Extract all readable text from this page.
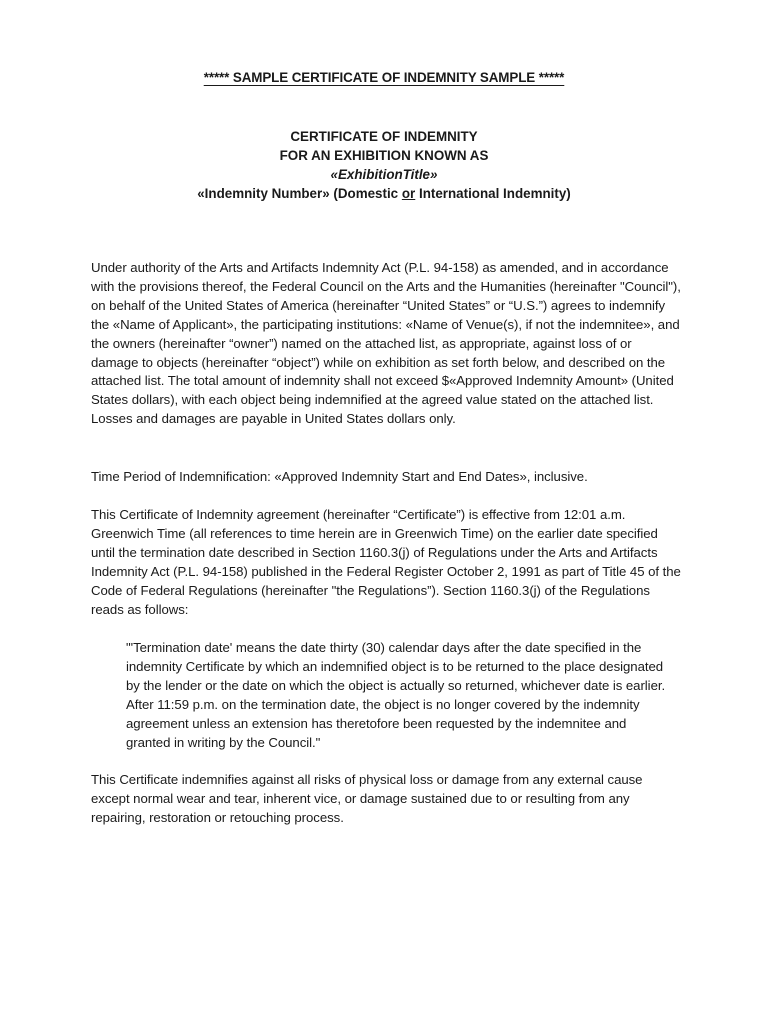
***** SAMPLE CERTIFICATE OF INDEMNITY SAMPLE *****
CERTIFICATE OF INDEMNITY
FOR AN EXHIBITION KNOWN AS
«ExhibitionTitle»
«Indemnity Number» (Domestic or International Indemnity)

Under authority of the Arts and Artifacts Indemnity Act (P.L. 94-158) as amended, and in accordance with the provisions thereof, the Federal Council on the Arts and the Humanities (hereinafter "Council"), on behalf of the United States of America (hereinafter “United States” or “U.S.”) agrees to indemnify the «Name of Applicant», the participating institutions: «Name of Venue(s), if not the indemnitee», and the owners (hereinafter “owner”) named on the attached list, as appropriate, against loss of or damage to objects (hereinafter “object”) while on exhibition as set forth below, and described on the attached list. The total amount of indemnity shall not exceed $«Approved Indemnity Amount» (United States dollars), with each object being indemnified at the agreed value stated on the attached list. Losses and damages are payable in United States dollars only.

Time Period of Indemnification: «Approved Indemnity Start and End Dates», inclusive.

This Certificate of Indemnity agreement (hereinafter “Certificate”) is effective from 12:01 a.m. Greenwich Time (all references to time herein are in Greenwich Time) on the earlier date specified until the termination date described in Section 1160.3(j) of Regulations under the Arts and Artifacts Indemnity Act (P.L. 94-158) published in the Federal Register October 2, 1991 as part of Title 45 of the Code of Federal Regulations (hereinafter "the Regulations”). Section 1160.3(j) of the Regulations reads as follows:

"'Termination date' means the date thirty (30) calendar days after the date specified in the indemnity Certificate by which an indemnified object is to be returned to the place designated by the lender or the date on which the object is actually so returned, whichever date is earlier. After 11:59 p.m. on the termination date, the object is no longer covered by the indemnity agreement unless an extension has theretofore been requested by the indemnitee and granted in writing by the Council."

This Certificate indemnifies against all risks of physical loss or damage from any external cause except normal wear and tear, inherent vice, or damage sustained due to or resulting from any repairing, restoration or retouching process.
